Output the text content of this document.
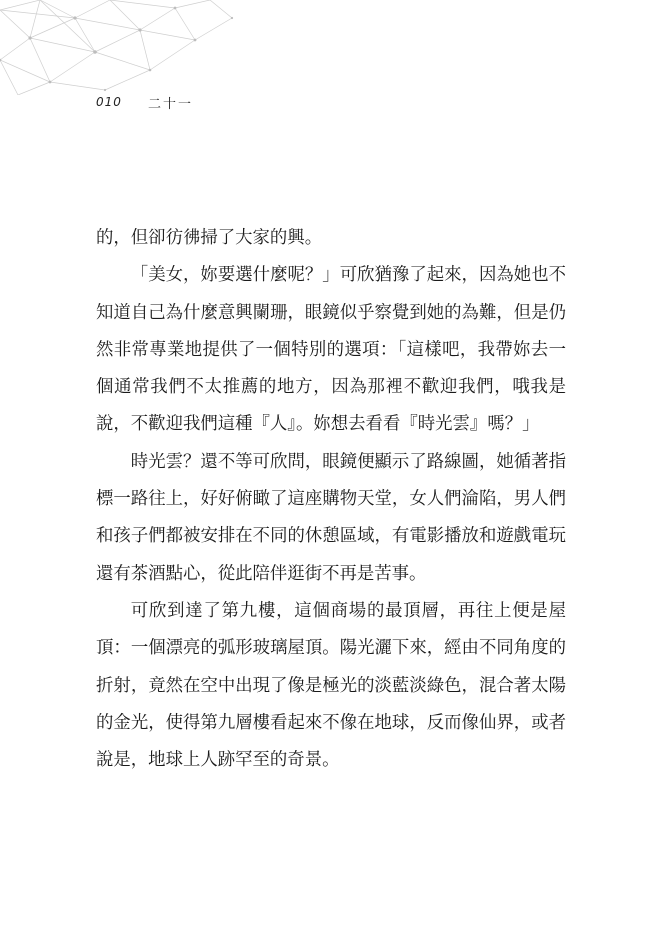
010	二十一

的，但卻彷彿掃了大家的興。

「美女，妳要選什麼呢？」可欣猶豫了起來，因為她也不知道自己為什麼意興闌珊，眼鏡似乎察覺到她的為難，但是仍然非常專業地提供了一個特別的選項：「這樣吧，我帶妳去一個通常我們不太推薦的地方，因為那裡不歡迎我們，哦我是說，不歡迎我們這種『人』。妳想去看看『時光雲』嗎？」

時光雲？還不等可欣問，眼鏡便顯示了路線圖，她循著指標一路往上，好好俯瞰了這座購物天堂，女人們淪陷，男人們和孩子們都被安排在不同的休憩區域，有電影播放和遊戲電玩還有茶酒點心，從此陪伴逛街不再是苦事。

可欣到達了第九樓，這個商場的最頂層，再往上便是屋頂：一個漂亮的弧形玻璃屋頂。陽光灑下來，經由不同角度的折射，竟然在空中出現了像是極光的淡藍淡綠色，混合著太陽的金光，使得第九層樓看起來不像在地球，反而像仙界，或者說是，地球上人跡罕至的奇景。
